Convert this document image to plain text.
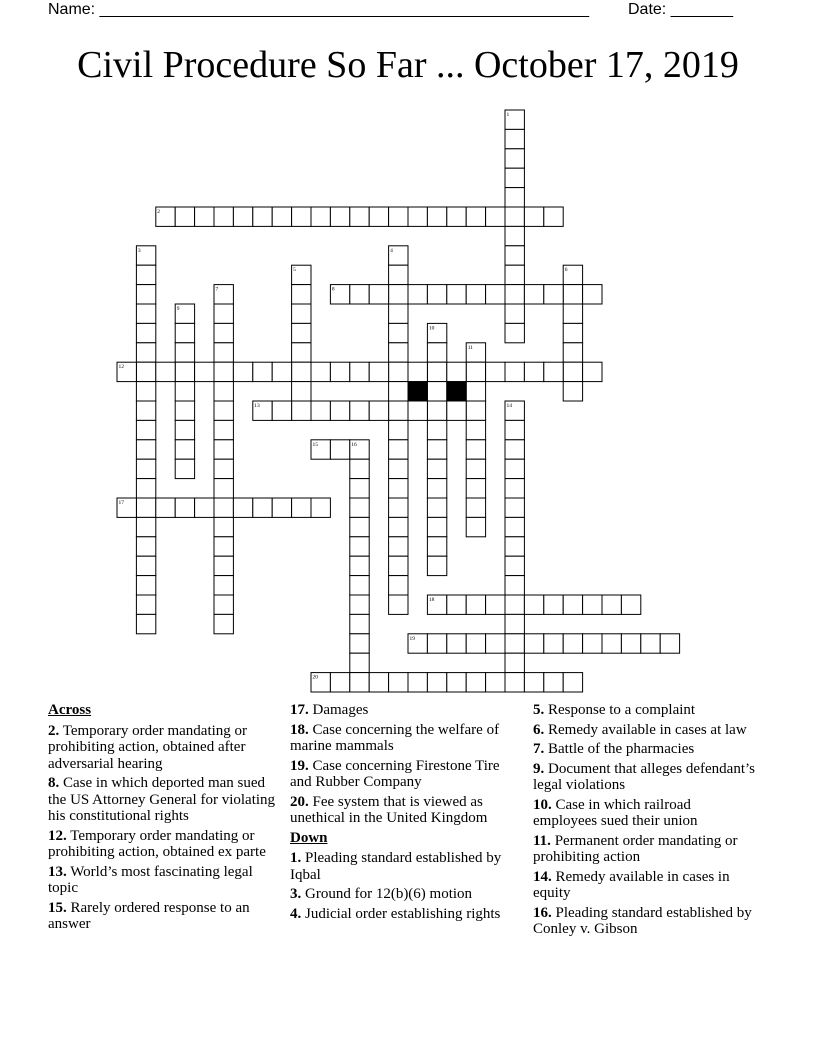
Name: _______________________________________________________ Date: _______
Civil Procedure So Far ... October 17, 2019
1
2
3	4
5	6
7	8
9
10
11
12
13	14
15	16
17
18
19
20
Across
2. Temporary order mandating or prohibiting action, obtained after adversarial hearing
8. Case in which deported man sued the US Attorney General for violating his constitutional rights
12. Temporary order mandating or prohibiting action, obtained ex parte
13. World’s most fascinating legal topic
15. Rarely ordered response to an answer
17. Damages
18. Case concerning the welfare of marine mammals
19. Case concerning Firestone Tire and Rubber Company
20. Fee system that is viewed as unethical in the United Kingdom
Down
1. Pleading standard established by Iqbal
3. Ground for 12(b)(6) motion
4. Judicial order establishing rights
5. Response to a complaint
6. Remedy available in cases at law
7. Battle of the pharmacies
9. Document that alleges defendant’s legal violations
10. Case in which railroad employees sued their union
11. Permanent order mandating or prohibiting action
14. Remedy available in cases in equity
16. Pleading standard established by Conley v. Gibson
